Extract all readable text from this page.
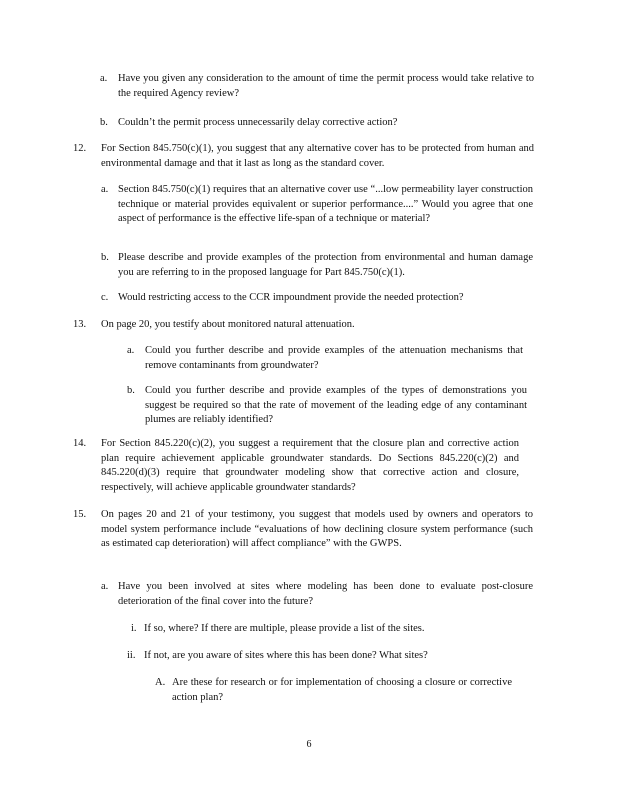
a. Have you given any consideration to the amount of time the permit process would take relative to the required Agency review?

b. Couldn’t the permit process unnecessarily delay corrective action?

12. For Section 845.750(c)(1), you suggest that any alternative cover has to be protected from human and environmental damage and that it last as long as the standard cover.

a. Section 845.750(c)(1) requires that an alternative cover use “...low permeability layer construction technique or material provides equivalent or superior performance....” Would you agree that one aspect of performance is the effective life-span of a technique or material?

b. Please describe and provide examples of the protection from environmental and human damage you are referring to in the proposed language for Part 845.750(c)(1).

c. Would restricting access to the CCR impoundment provide the needed protection?

13. On page 20, you testify about monitored natural attenuation.

a. Could you further describe and provide examples of the attenuation mechanisms that remove contaminants from groundwater?

b. Could you further describe and provide examples of the types of demonstrations you suggest be required so that the rate of movement of the leading edge of any contaminant plumes are reliably identified?

14. For Section 845.220(c)(2), you suggest a requirement that the closure plan and corrective action plan require achievement applicable groundwater standards. Do Sections 845.220(c)(2) and 845.220(d)(3) require that groundwater modeling show that corrective action and closure, respectively, will achieve applicable groundwater standards?

15. On pages 20 and 21 of your testimony, you suggest that models used by owners and operators to model system performance include “evaluations of how declining closure system performance (such as estimated cap deterioration) will affect compliance” with the GWPS.

a. Have you been involved at sites where modeling has been done to evaluate post-closure deterioration of the final cover into the future?

i. If so, where? If there are multiple, please provide a list of the sites.

ii. If not, are you aware of sites where this has been done? What sites?

A. Are these for research or for implementation of choosing a closure or corrective action plan?

6
